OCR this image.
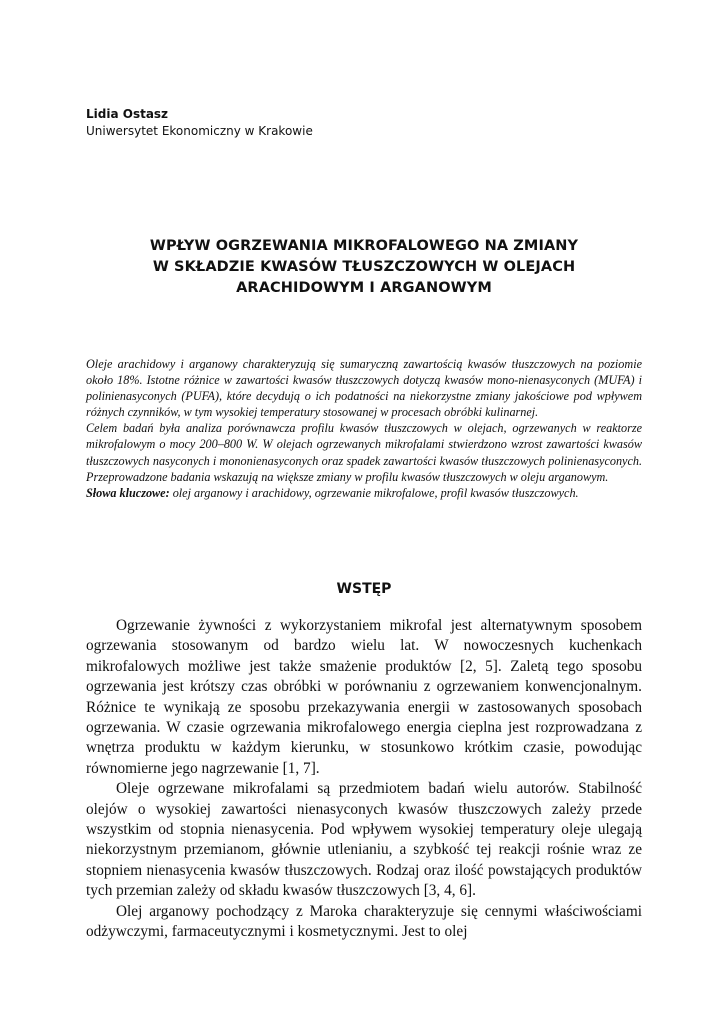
Lidia Ostasz
Uniwersytet Ekonomiczny w Krakowie
WPŁYW OGRZEWANIA MIKROFALOWEGO NA ZMIANY
W SKŁADZIE KWASÓW TŁUSZCZOWYCH W OLEJACH
ARACHIDOWYM I ARGANOWYM

Oleje arachidowy i arganowy charakteryzują się sumaryczną zawartością kwasów tłuszczowych na poziomie około 18%. Istotne różnice w zawartości kwasów tłuszczowych dotyczą kwasów mono-nienasyconych (MUFA) i polinienasyconych (PUFA), które decydują o ich podatności na niekorzystne zmiany jakościowe pod wpływem różnych czynników, w tym wysokiej temperatury stosowanej w procesach obróbki kulinarnej.

Celem badań była analiza porównawcza profilu kwasów tłuszczowych w olejach, ogrzewanych w reaktorze mikrofalowym o mocy 200–800 W. W olejach ogrzewanych mikrofalami stwierdzono wzrost zawartości kwasów tłuszczowych nasyconych i mononienasyconych oraz spadek zawartości kwasów tłuszczowych polinienasyconych. Przeprowadzone badania wskazują na większe zmiany w profilu kwasów tłuszczowych w oleju arganowym.

Słowa kluczowe: olej arganowy i arachidowy, ogrzewanie mikrofalowe, profil kwasów tłuszczowych.

WSTĘP

Ogrzewanie żywności z wykorzystaniem mikrofal jest alternatywnym sposobem ogrzewania stosowanym od bardzo wielu lat. W nowoczesnych kuchenkach mikrofalowych możliwe jest także smażenie produktów [2, 5]. Zaletą tego sposobu ogrzewania jest krótszy czas obróbki w porównaniu z ogrzewaniem konwencjonalnym. Różnice te wynikają ze sposobu przekazywania energii w zastosowanych sposobach ogrzewania. W czasie ogrzewania mikrofalowego energia cieplna jest rozprowadzana z wnętrza produktu w każdym kierunku, w stosunkowo krótkim czasie, powodując równomierne jego nagrzewanie [1, 7].

Oleje ogrzewane mikrofalami są przedmiotem badań wielu autorów. Stabilność olejów o wysokiej zawartości nienasyconych kwasów tłuszczowych zależy przede wszystkim od stopnia nienasycenia. Pod wpływem wysokiej temperatury oleje ulegają niekorzystnym przemianom, głównie utlenianiu, a szybkość tej reakcji rośnie wraz ze stopniem nienasycenia kwasów tłuszczowych. Rodzaj oraz ilość powstających produktów tych przemian zależy od składu kwasów tłuszczowych [3, 4, 6].

Olej arganowy pochodzący z Maroka charakteryzuje się cennymi właściwościami odżywczymi, farmaceutycznymi i kosmetycznymi. Jest to olej
